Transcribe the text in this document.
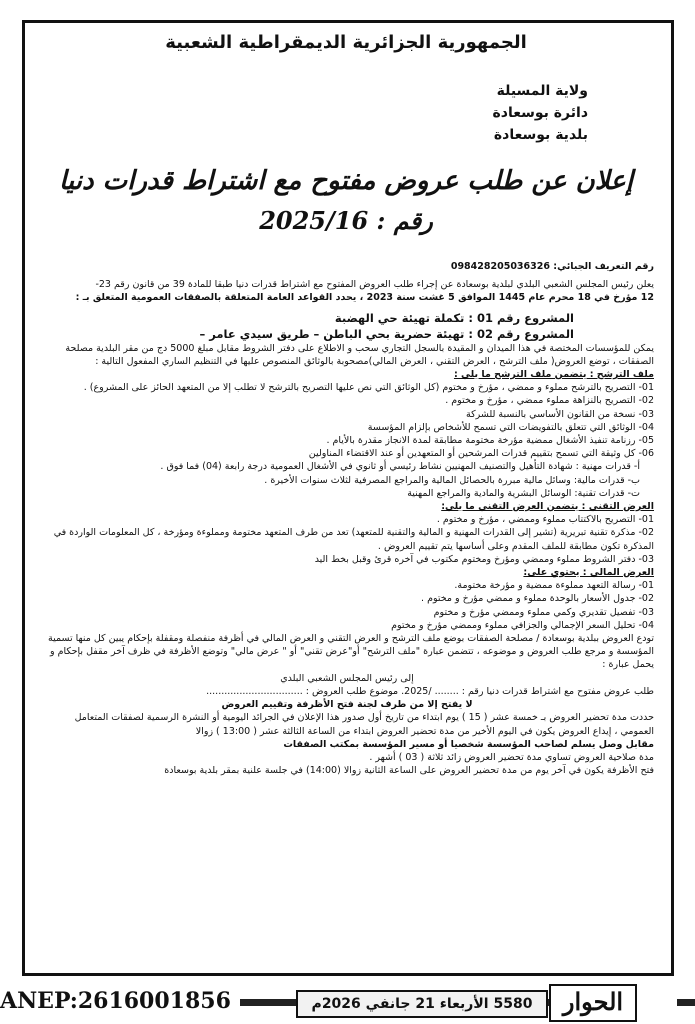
الجمهورية الجزائرية الديمقراطية الشعبية
ولاية المسيلة
دائرة بوسعادة
بلدية بوسعادة
إعلان عن طلب عروض مفتوح مع اشتراط قدرات دنيا
رقم : 2025/16

رقم التعريف الجبائي: 098428205036326

يعلن رئيس المجلس الشعبي البلدي لبلدية بوسعادة عن إجراء طلب العروض المفتوح مع اشتراط قدرات دنيا طبقا للمادة 39 من قانون رقم 23-

12 مؤرخ في 18 محرم عام 1445 الموافق 5 غشت سنة 2023 ، يحدد القواعد العامة المتعلقة بالصفقات العمومية المتعلق بـ :

المشروع رقم 01 : تكملة تهيئة حي الهضبة

المشروع رقم 02 : تهيئة حضرية بحي الباطن – طريق سيدي عامر –

يمكن للمؤسسات المختصة في هذا الميدان و المقيدة بالسجل التجاري سحب و الاطلاع على دفتر الشروط مقابل مبلغ 5000 دج من مقر البلدية مصلحة الصفقات ، توضع العروض( ملف الترشح ، العرض التقني ، العرض المالي)مصحوبة بالوثائق المنصوص عليها في التنظيم الساري المفعول التالية :

ملف الترشح : يتضمن ملف الترشح ما يلي :

01- التصريح بالترشح مملوء و ممضي ، مؤرخ و مختوم (كل الوثائق التي نص عليها التصريح بالترشح لا تطلب إلا من المتعهد الحائز على المشروع) .

02- التصريح بالنزاهة مملوء ممضي ، مؤرخ و مختوم .

03- نسخة من القانون الأساسي بالنسبة للشركة

04- الوثائق التي تتعلق بالتفويضات التي تسمح للأشخاص بإلزام المؤسسة

05- رزنامة تنفيذ الأشغال ممضية مؤرخة مختومة مطابقة لمدة الانجاز مقدرة بالأيام .

06- كل وثيقة التي تسمح بتقييم قدرات المرشحين أو المتعهدين أو عند الاقتضاء المناولين

أ- قدرات مهنية : شهادة التأهيل والتصنيف المهنيين نشاط رئيسي أو ثانوي في الأشغال العمومية درجة رابعة (04) فما فوق .

ب- قدرات مالية: وسائل مالية مبررة بالحصائل المالية والمراجع المصرفية لثلاث سنوات الأخيرة .

ت- قدرات تقنية: الوسائل البشرية والمادية والمراجع المهنية

العرض التقني : يتضمن العرض التقني ما يلي:

01- التصريح بالاكتتاب مملوء وممضي ، مؤرخ و مختوم .

02- مذكرة تقنية تبريرية (تشير إلى القدرات المهنية و المالية والتقنية للمتعهد) تعد من طرف المتعهد مختومة ومملوءة ومؤرخة ، كل المعلومات الواردة في المذكرة تكون مطابقة للملف المقدم وعلى أساسها يتم تقييم العروض .

03- دفتر الشروط مملوء وممضي ومؤرخ ومختوم مكتوب في آخره قرئ وقبل بخط اليد

العرض المالي : يحتوي على:

01- رسالة التعهد مملوءة ممضية و مؤرخة مختومة.

02- جدول الأسعار بالوحدة مملوء و ممضي مؤرخ و مختوم .

03- تفصيل تقديري وكمي مملوء وممضي مؤرخ و مختوم

04- تحليل السعر الإجمالي والجزافي مملوء وممضي مؤرخ و مختوم

تودع العروض ببلدية بوسعادة / مصلحة الصفقات بوضع ملف الترشح و العرض التقني و العرض المالي في أظرفة منفصلة ومقفلة بإحكام يبين كل منها تسمية المؤسسة و مرجع طلب العروض و موضوعه ، تتضمن عبارة "ملف الترشح" أو"عرض تقني" أو " عرض مالي" وتوضع الأظرفة في ظرف آخر مقفل بإحكام و يحمل عبارة :

إلى رئيس المجلس الشعبي البلدي

طلب عروض مفتوح مع اشتراط قدرات دنيا رقم : ........ /2025. موضوع طلب العروض : ................................

لا يفتح إلا من طرف لجنة فتح الأظرفة وتقييم العروض

حددت مدة تحضير العروض بـ خمسة عشر ( 15 ) يوم ابتداء من تاريخ أول صدور هذا الإعلان في الجرائد اليومية أو النشرة الرسمية لصفقات المتعامل العمومي ، إيداع العروض يكون في اليوم الأخير من مدة تحضير العروض ابتداء من الساعة الثالثة عشر ( 13:00 ) زوالا

مقابل وصل يسلم لصاحب المؤسسة شخصيا أو مسير المؤسسة بمكتب الصفقات

مدة صلاحية العروض تساوي مدة تحضير العروض زائد ثلاثة ( 03 ) أشهر .

فتح الأظرفة يكون في آخر يوم من مدة تحضير العروض على الساعة الثانية زوالا (14:00) في جلسة علنية بمقر بلدية بوسعادة

الحوار
5580 الأربعاء 21 جانفي 2026م
ANEP:2616001856
